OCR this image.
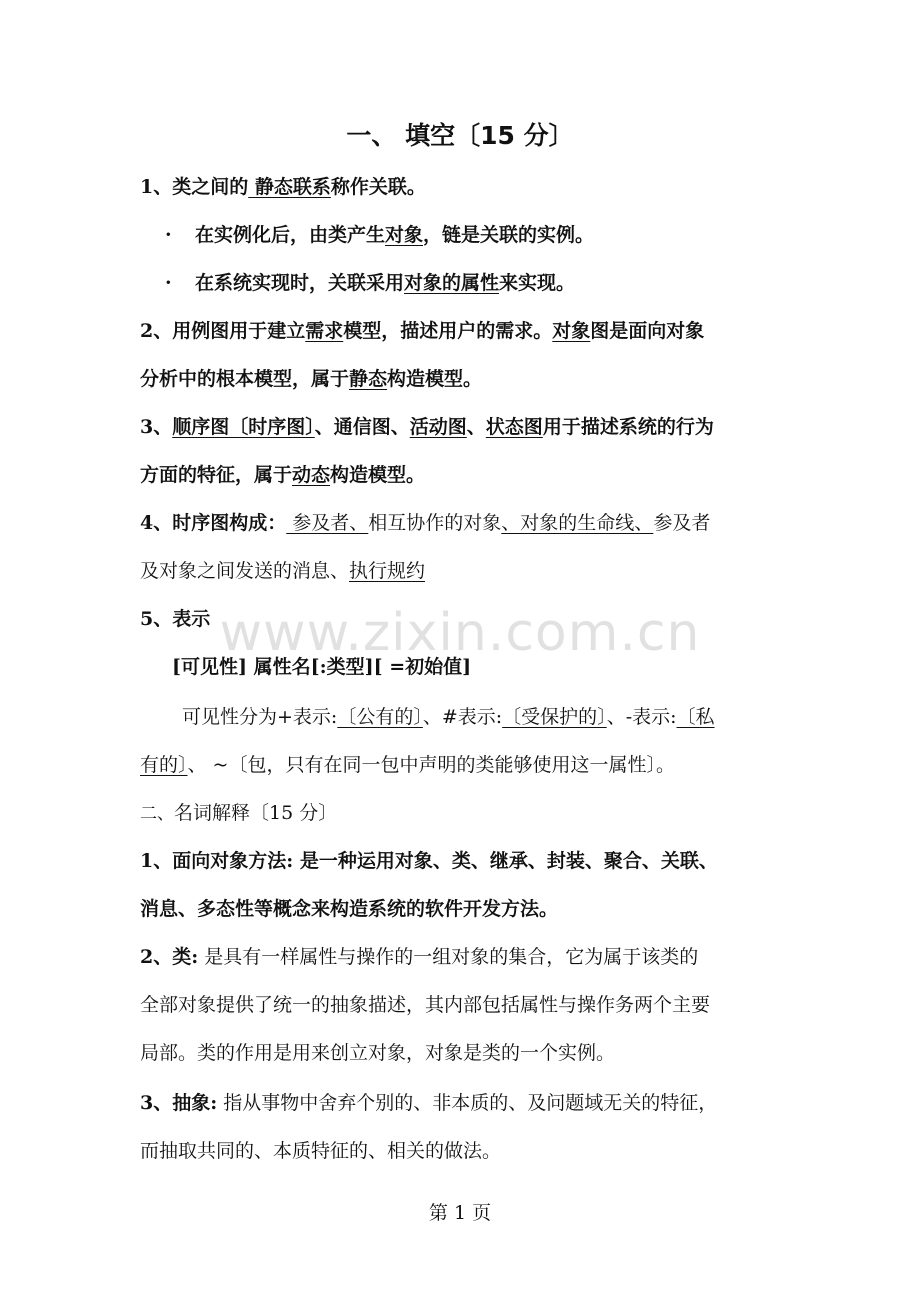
一、 填空〔15 分〕
1、类之间的 静态联系称作关联。
· 在实例化后，由类产生对象，链是关联的实例。
· 在系统实现时，关联采用对象的属性来实现。
2、用例图用于建立需求模型，描述用户的需求。对象图是面向对象
分析中的根本模型，属于静态构造模型。
3、顺序图〔时序图〕、通信图、活动图、状态图用于描述系统的行为
方面的特征，属于动态构造模型。
4、时序图构成： 参及者、相互协作的对象、对象的生命线、参及者
及对象之间发送的消息、执行规约
5、表示
[可见性] 属性名[:类型][ =初始值]
可见性分为+表示:〔公有的〕、#表示:〔受保护的〕、-表示:〔私
有的〕、 ~〔包，只有在同一包中声明的类能够使用这一属性〕。
www.zixin.com.cn
二、名词解释〔15 分〕
1、面向对象方法: 是一种运用对象、类、继承、封装、聚合、关联、
消息、多态性等概念来构造系统的软件开发方法。
2、类: 是具有一样属性与操作的一组对象的集合，它为属于该类的
全部对象提供了统一的抽象描述，其内部包括属性与操作务两个主要
局部。类的作用是用来创立对象，对象是类的一个实例。
3、抽象: 指从事物中舍弃个别的、非本质的、及问题域无关的特征，
而抽取共同的、本质特征的、相关的做法。
第 1 页
